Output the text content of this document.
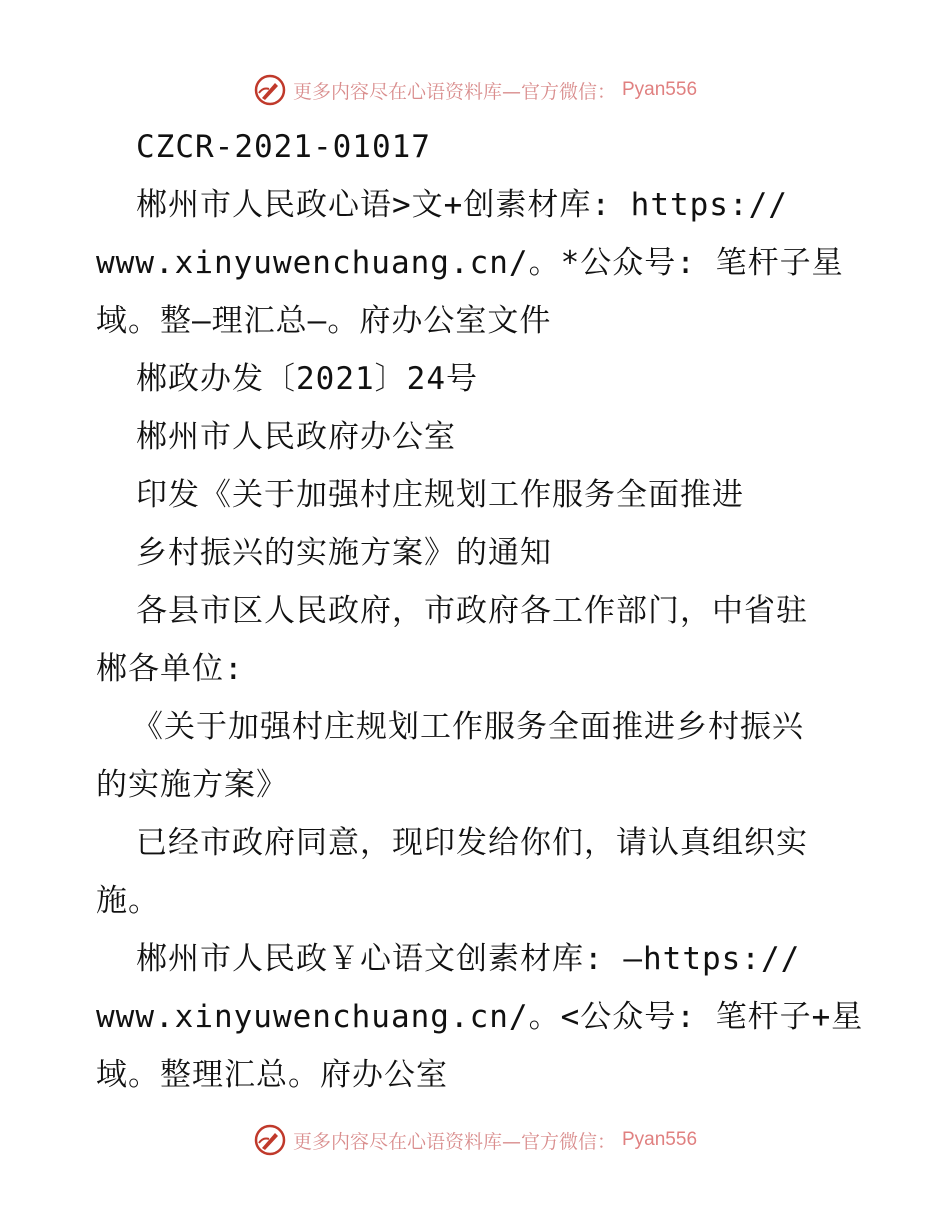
更多内容尽在心语资料库—官方微信： Pyan556
CZCR-2021-01017
郴州市人民政心语>文+创素材库: https://
www.xinyuwenchuang.cn/。*公众号: 笔杆子星
域。整—理汇总—。府办公室文件
郴政办发〔2021〕24号
郴州市人民政府办公室
印发《关于加强村庄规划工作服务全面推进
乡村振兴的实施方案》的通知
各县市区人民政府，市政府各工作部门，中省驻
郴各单位:
《关于加强村庄规划工作服务全面推进乡村振兴
的实施方案》
已经市政府同意，现印发给你们，请认真组织实
施。
郴州市人民政￥心语文创素材库: —https://
www.xinyuwenchuang.cn/。<公众号: 笔杆子+星
域。整理汇总。府办公室
更多内容尽在心语资料库—官方微信： Pyan556
